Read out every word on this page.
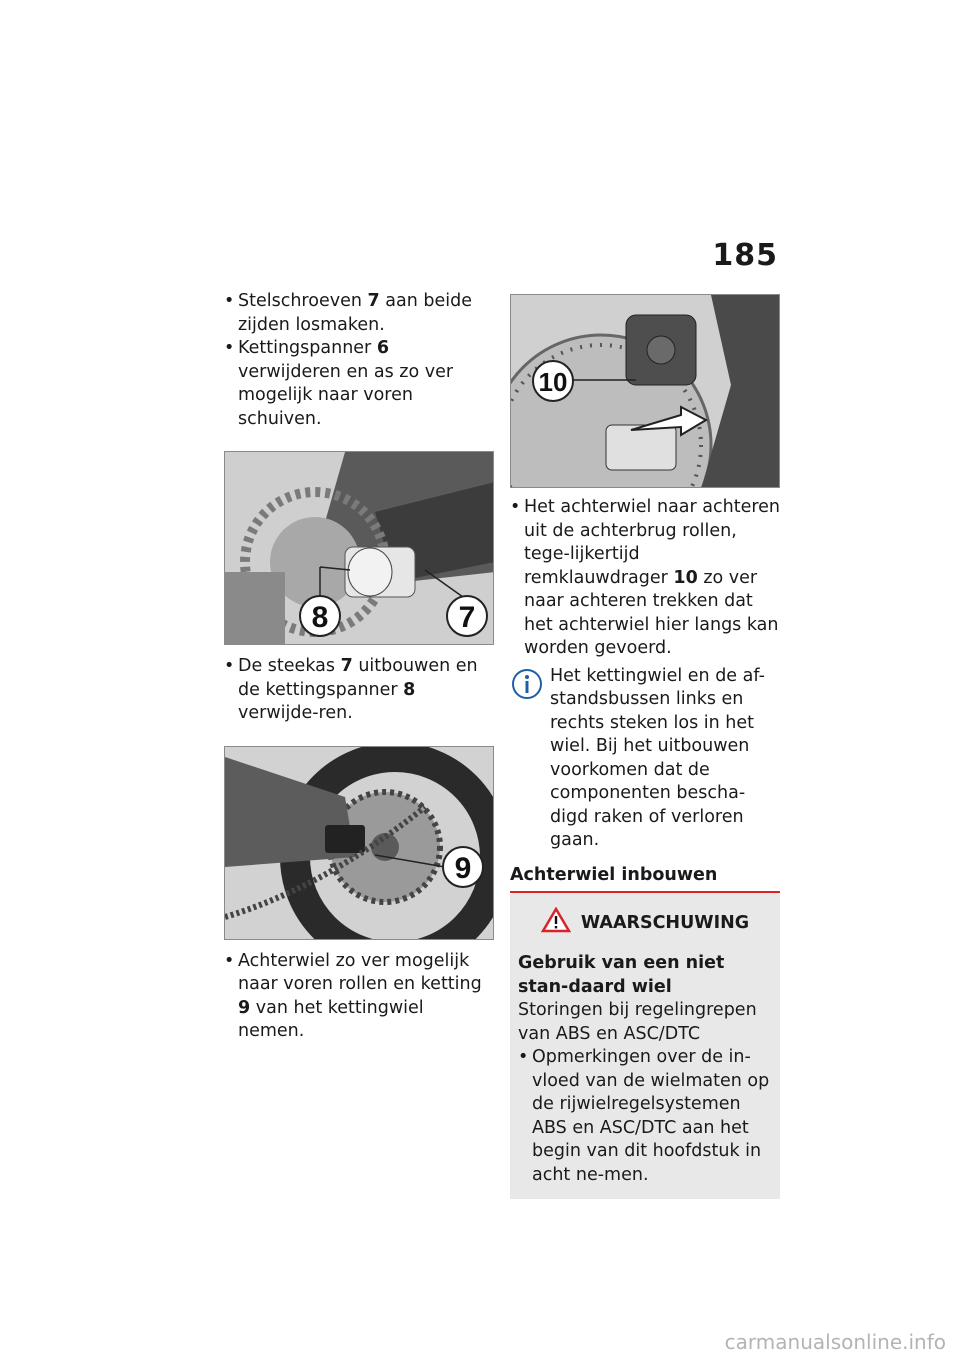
185
• Stelschroeven 7 aan beide zijden losmaken.
• Kettingspanner 6 verwijderen en as zo ver mogelijk naar voren schuiven.
8	7
• De steekas 7 uitbouwen en de kettingspanner 8 verwijde-ren.
9
• Achterwiel zo ver mogelijk naar voren rollen en ketting 9 van het kettingwiel nemen.
10
• Het achterwiel naar achteren uit de achterbrug rollen, tege-lijkertijd remklauwdrager 10 zo ver naar achteren trekken dat het achterwiel hier langs kan worden gevoerd.
Het kettingwiel en de af-standsbussen links en rechts steken los in het wiel. Bij het uitbouwen voorkomen dat de componenten bescha-digd raken of verloren gaan.
Achterwiel inbouwen
WAARSCHUWING
Gebruik van een niet stan-daard wiel
Storingen bij regelingrepen van ABS en ASC/DTC
• Opmerkingen over de in-vloed van de wielmaten op de rijwielregelsystemen ABS en ASC/DTC aan het begin van dit hoofdstuk in acht ne-men.
carmanualsonline.info
